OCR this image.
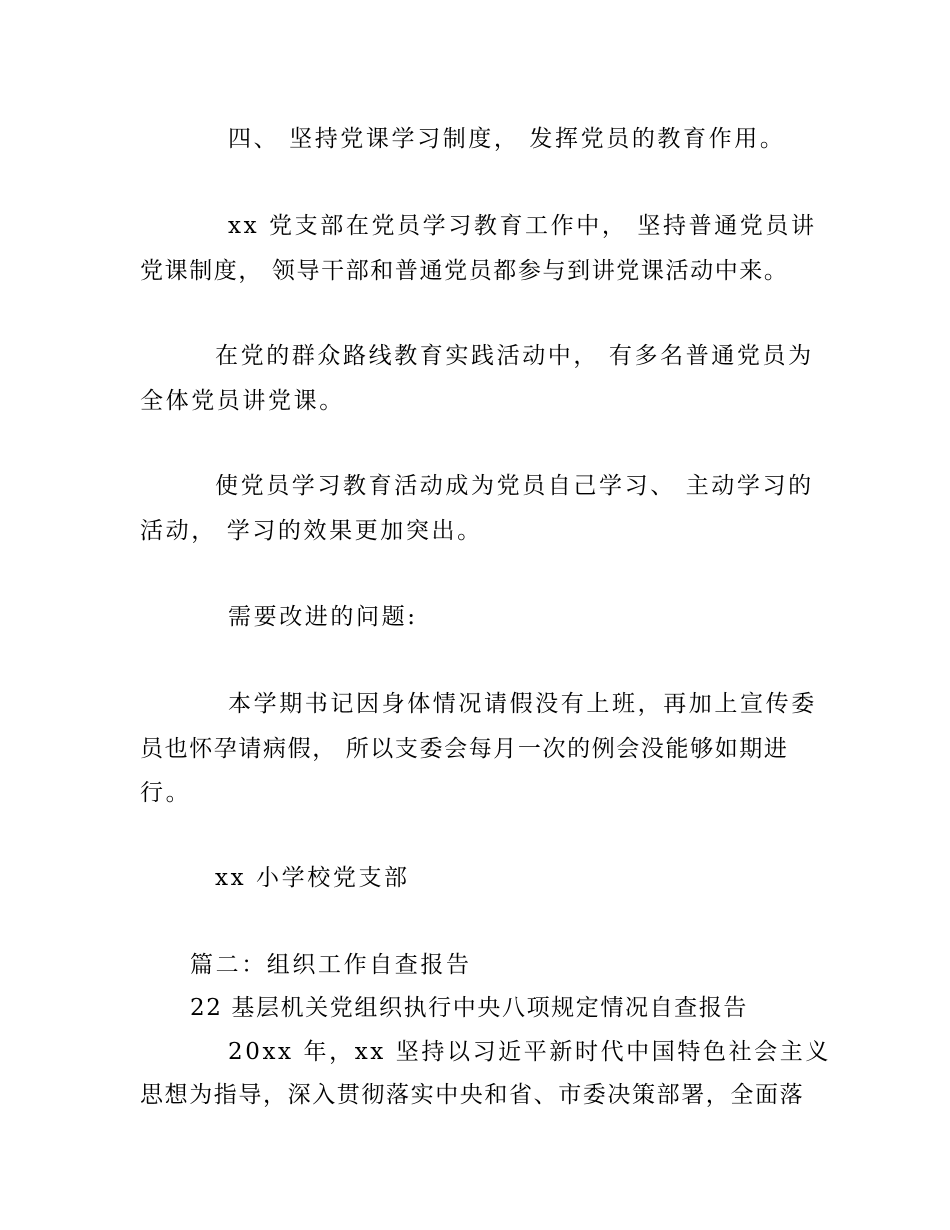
四、 坚持党课学习制度， 发挥党员的教育作用。
xx 党支部在党员学习教育工作中， 坚持普通党员讲
党课制度， 领导干部和普通党员都参与到讲党课活动中来。
在党的群众路线教育实践活动中， 有多名普通党员为
全体党员讲党课。
使党员学习教育活动成为党员自己学习、 主动学习的
活动， 学习的效果更加突出。
需要改进的问题:
本学期书记因身体情况请假没有上班，再加上宣传委
员也怀孕请病假， 所以支委会每月一次的例会没能够如期进
行。
xx 小学校党支部
篇二：组织工作自查报告
22 基层机关党组织执行中央八项规定情况自查报告
20xx 年，xx 坚持以习近平新时代中国特色社会主义
思想为指导，深入贯彻落实中央和省、市委决策部署，全面落
